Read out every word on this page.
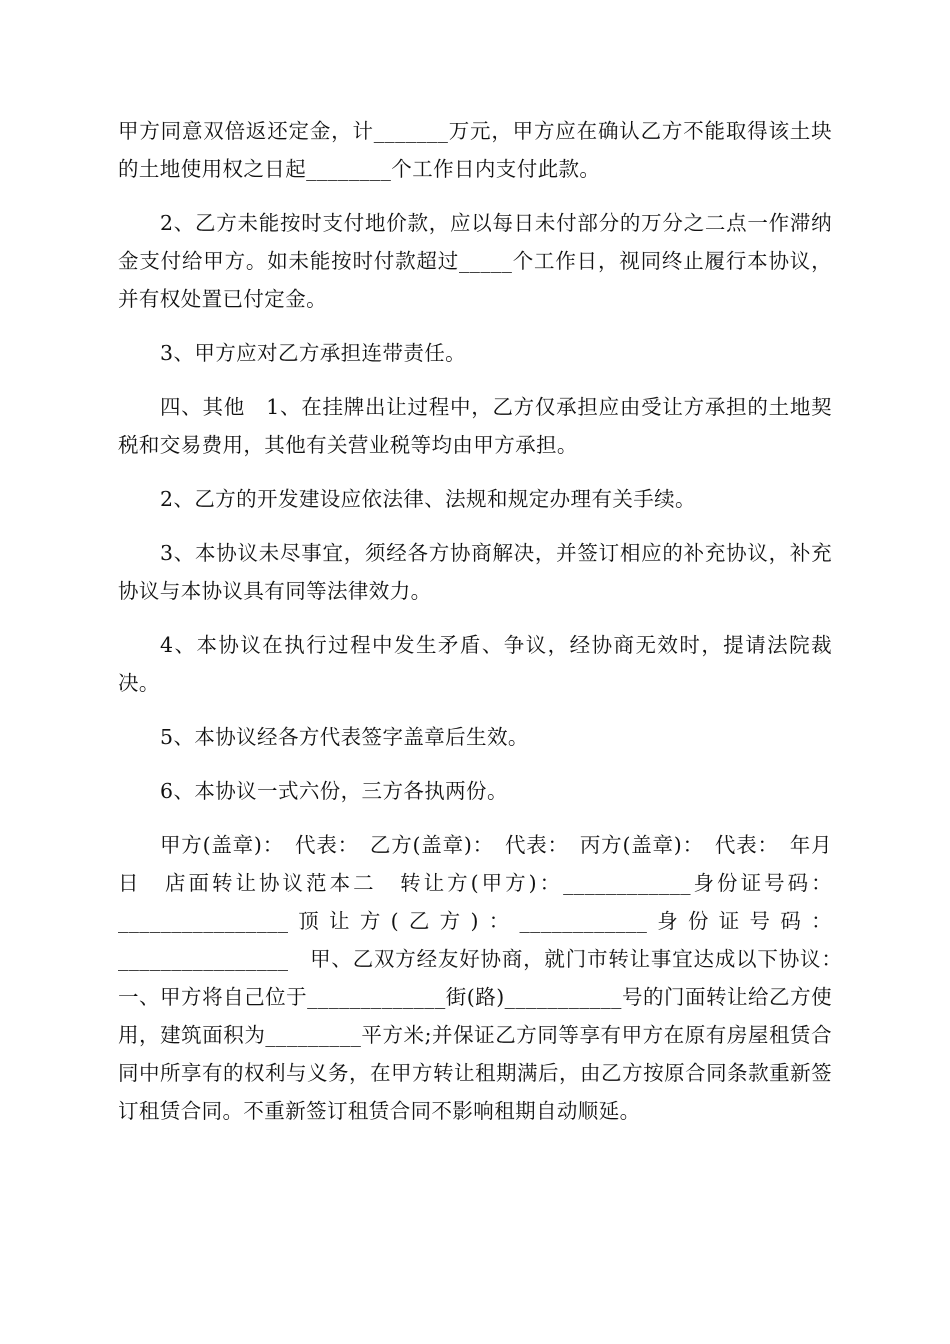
甲方同意双倍返还定金，计_______万元，甲方应在确认乙方不能取得该土块的土地使用权之日起________个工作日内支付此款。

2、乙方未能按时支付地价款，应以每日未付部分的万分之二点一作滞纳金支付给甲方。如未能按时付款超过_____个工作日，视同终止履行本协议，并有权处置已付定金。

3、甲方应对乙方承担连带责任。

四、其他　1、在挂牌出让过程中，乙方仅承担应由受让方承担的土地契税和交易费用，其他有关营业税等均由甲方承担。

2、乙方的开发建设应依法律、法规和规定办理有关手续。

3、本协议未尽事宜，须经各方协商解决，并签订相应的补充协议，补充协议与本协议具有同等法律效力。

4、本协议在执行过程中发生矛盾、争议，经协商无效时，提请法院裁决。

5、本协议经各方代表签字盖章后生效。

6、本协议一式六份，三方各执两份。

甲方(盖章)：　代表：　乙方(盖章)：　代表：　丙方(盖章)：　代表：　年月　日　店面转让协议范本二　转让方(甲方)：____________身份证号码：________________顶让方(乙方)：____________身份证号码：________________　甲、乙双方经友好协商，就门市转让事宜达成以下协议：　一、甲方将自己位于_____________街(路)___________号的门面转让给乙方使用，建筑面积为_________平方米;并保证乙方同等享有甲方在原有房屋租赁合同中所享有的权利与义务，在甲方转让租期满后，由乙方按原合同条款重新签订租赁合同。不重新签订租赁合同不影响租期自动顺延。
